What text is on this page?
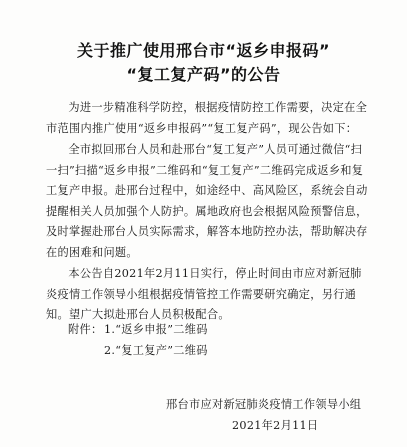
关于推广使用邢台市“返乡申报码”
“复工复产码”的公告

为进一步精准科学防控，根据疫情防控工作需要，决定在全市范围内推广使用“返乡申报码”“复工复产码”，现公告如下：

全市拟回邢台人员和赴邢台“复工复产”人员可通过微信“扫一扫”扫描“返乡申报”二维码和“复工复产”二维码完成返乡和复工复产申报。赴邢台过程中，如途经中、高风险区，系统会自动提醒相关人员加强个人防护。属地政府也会根据风险预警信息，及时掌握赴邢台人员实际需求，解答本地防控办法，帮助解决存在的困难和问题。

本公告自2021年2月11日实行，停止时间由市应对新冠肺炎疫情工作领导小组根据疫情管控工作需要研究确定，另行通知。望广大拟赴邢台人员积极配合。

附件： 1.“返乡申报”二维码
2.“复工复产”二维码
邢台市应对新冠肺炎疫情工作领导小组
2021年2月11日
